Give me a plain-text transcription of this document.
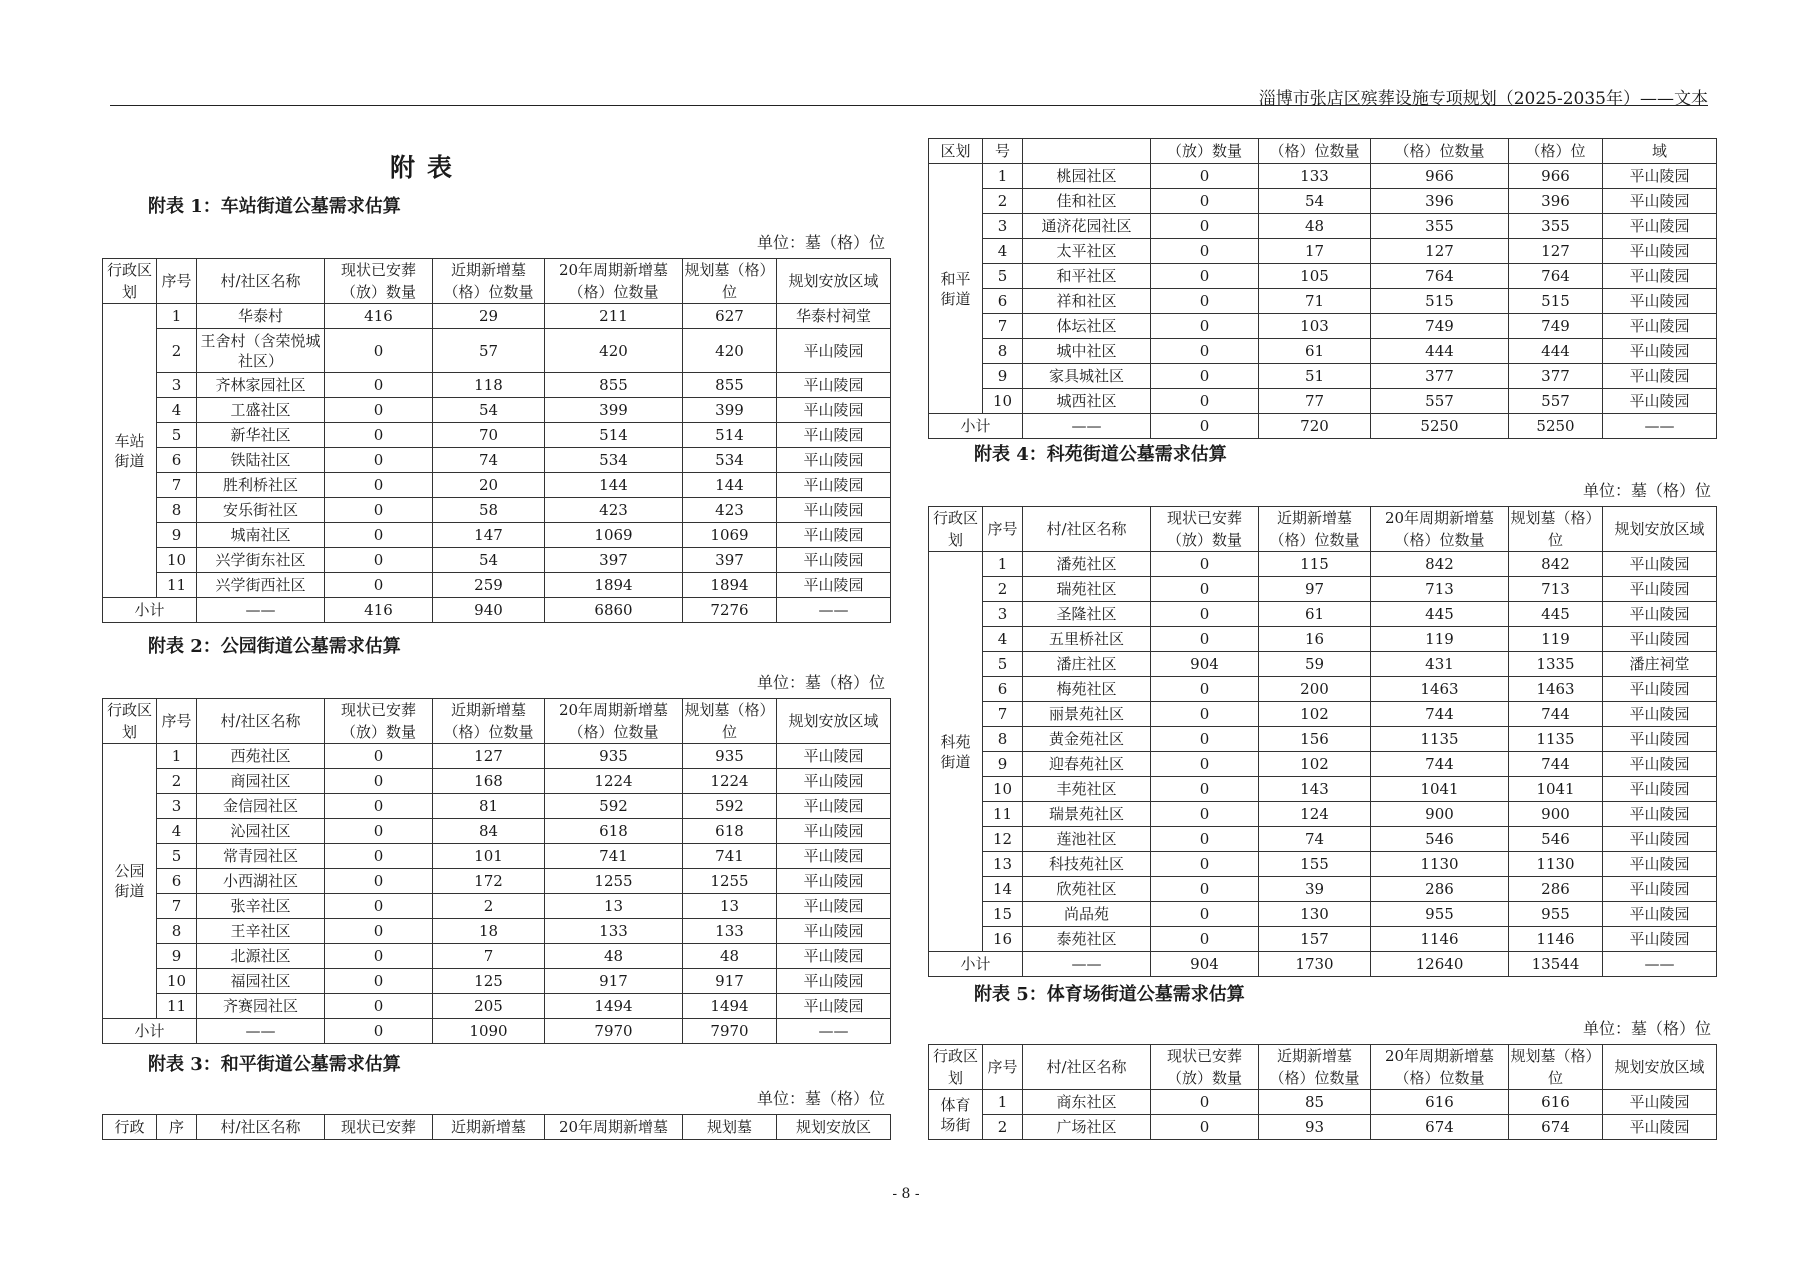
淄博市张店区殡葬设施专项规划（2025-2035年）——文本
附表
附表 1：车站街道公墓需求估算
单位：墓（格）位
行政区划	序号	村/社区名称	现状已安葬（放）数量	近期新增墓（格）位数量	20年周期新增墓（格）位数量	规划墓（格）位	规划安放区域
车站街道	1	华泰村	416	29	211	627	华泰村祠堂
	2	王舍村（含荣悦城社区）	0	57	420	420	平山陵园
	3	齐林家园社区	0	118	855	855	平山陵园
	4	工盛社区	0	54	399	399	平山陵园
	5	新华社区	0	70	514	514	平山陵园
	6	铁陆社区	0	74	534	534	平山陵园
	7	胜利桥社区	0	20	144	144	平山陵园
	8	安乐街社区	0	58	423	423	平山陵园
	9	城南社区	0	147	1069	1069	平山陵园
	10	兴学街东社区	0	54	397	397	平山陵园
	11	兴学街西社区	0	259	1894	1894	平山陵园
小计		——	416	940	6860	7276	——
附表 2：公园街道公墓需求估算
单位：墓（格）位
行政区划	序号	村/社区名称	现状已安葬（放）数量	近期新增墓（格）位数量	20年周期新增墓（格）位数量	规划墓（格）位	规划安放区域
公园街道	1	西苑社区	0	127	935	935	平山陵园
	2	商园社区	0	168	1224	1224	平山陵园
	3	金信园社区	0	81	592	592	平山陵园
	4	沁园社区	0	84	618	618	平山陵园
	5	常青园社区	0	101	741	741	平山陵园
	6	小西湖社区	0	172	1255	1255	平山陵园
	7	张辛社区	0	2	13	13	平山陵园
	8	王辛社区	0	18	133	133	平山陵园
	9	北源社区	0	7	48	48	平山陵园
	10	福园社区	0	125	917	917	平山陵园
	11	齐赛园社区	0	205	1494	1494	平山陵园
小计		——	0	1090	7970	7970	——
附表 3：和平街道公墓需求估算
单位：墓（格）位
行政	序	村/社区名称	现状已安葬	近期新增墓	20年周期新增墓	规划墓	规划安放区
区划	号		（放）数量	（格）位数量	（格）位数量	（格）位	域
和平街道	1	桃园社区	0	133	966	966	平山陵园
	2	佳和社区	0	54	396	396	平山陵园
	3	通济花园社区	0	48	355	355	平山陵园
	4	太平社区	0	17	127	127	平山陵园
	5	和平社区	0	105	764	764	平山陵园
	6	祥和社区	0	71	515	515	平山陵园
	7	体坛社区	0	103	749	749	平山陵园
	8	城中社区	0	61	444	444	平山陵园
	9	家具城社区	0	51	377	377	平山陵园
	10	城西社区	0	77	557	557	平山陵园
小计		——	0	720	5250	5250	——
附表 4：科苑街道公墓需求估算
单位：墓（格）位
行政区划	序号	村/社区名称	现状已安葬（放）数量	近期新增墓（格）位数量	20年周期新增墓（格）位数量	规划墓（格）位	规划安放区域
科苑街道	1	潘苑社区	0	115	842	842	平山陵园
	2	瑞苑社区	0	97	713	713	平山陵园
	3	圣隆社区	0	61	445	445	平山陵园
	4	五里桥社区	0	16	119	119	平山陵园
	5	潘庄社区	904	59	431	1335	潘庄祠堂
	6	梅苑社区	0	200	1463	1463	平山陵园
	7	丽景苑社区	0	102	744	744	平山陵园
	8	黄金苑社区	0	156	1135	1135	平山陵园
	9	迎春苑社区	0	102	744	744	平山陵园
	10	丰苑社区	0	143	1041	1041	平山陵园
	11	瑞景苑社区	0	124	900	900	平山陵园
	12	莲池社区	0	74	546	546	平山陵园
	13	科技苑社区	0	155	1130	1130	平山陵园
	14	欣苑社区	0	39	286	286	平山陵园
	15	尚品苑	0	130	955	955	平山陵园
	16	泰苑社区	0	157	1146	1146	平山陵园
小计		——	904	1730	12640	13544	——
附表 5：体育场街道公墓需求估算
单位：墓（格）位
行政区划	序号	村/社区名称	现状已安葬（放）数量	近期新增墓（格）位数量	20年周期新增墓（格）位数量	规划墓（格）位	规划安放区域
体育场街	1	商东社区	0	85	616	616	平山陵园
	2	广场社区	0	93	674	674	平山陵园
- 8 -
